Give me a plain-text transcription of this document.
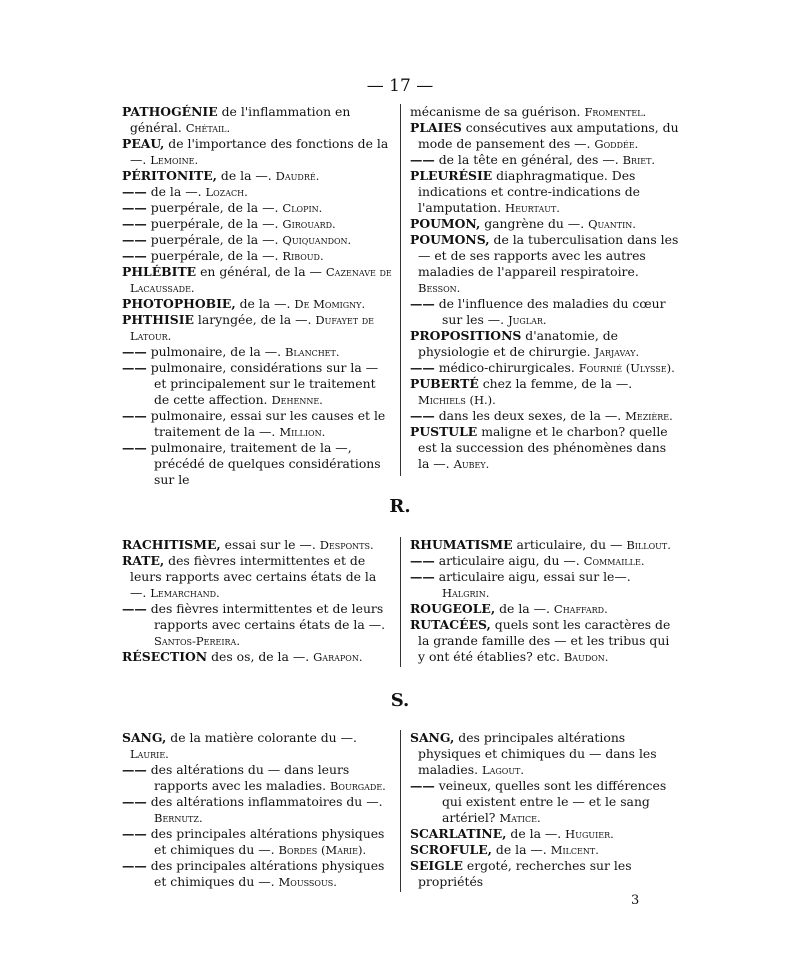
— 17 —

PATHOGÉNIE de l'inflammation en général. Chétail.

PEAU, de l'importance des fonctions de la —. Lemoine.

PÉRITONITE, de la —. Daudré.

—— de la —. Lozach.

—— puerpérale, de la —. Clopin.

—— puerpérale, de la —. Girouard.

—— puerpérale, de la —. Quiquandon.

—— puerpérale, de la —. Riboud.

PHLÉBITE en général, de la — Cazenave de Lacaussade.

PHOTOPHOBIE, de la —. De Momigny.

PHTHISIE laryngée, de la —. Dufayet de Latour.

—— pulmonaire, de la —. Blanchet.

—— pulmonaire, considérations sur la — et principalement sur le traitement de cette affection. Dehenne.

—— pulmonaire, essai sur les causes et le traitement de la —. Million.

—— pulmonaire, traitement de la —, précédé de quelques considérations sur le

mécanisme de sa guérison. Fromentel.

PLAIES consécutives aux amputations, du mode de pansement des —. Goddée.

—— de la tête en général, des —. Briet.

PLEURÉSIE diaphragmatique. Des indications et contre-indications de l'amputation. Heurtaut.

POUMON, gangrène du —. Quantin.

POUMONS, de la tuberculisation dans les — et de ses rapports avec les autres maladies de l'appareil respiratoire. Besson.

—— de l'influence des maladies du cœur sur les —. Juglar.

PROPOSITIONS d'anatomie, de physiologie et de chirurgie. Jarjavay.

—— médico-chirurgicales. Fournié (Ulysse).

PUBERTÉ chez la femme, de la —. Michiels (H.).

—— dans les deux sexes, de la —. Mezière.

PUSTULE maligne et le charbon? quelle est la succession des phénomènes dans la —. Aubey.

R.

RACHITISME, essai sur le —. Desponts.

RATE, des fièvres intermittentes et de leurs rapports avec certains états de la —. Lemarchand.

—— des fièvres intermittentes et de leurs rapports avec certains états de la —. Santos-Pereira.

RÉSECTION des os, de la —. Garapon.

RHUMATISME articulaire, du — Billout.

—— articulaire aigu, du —. Commaille.

—— articulaire aigu, essai sur le—. Halgrin.

ROUGEOLE, de la —. Chaffard.

RUTACÉES, quels sont les caractères de la grande famille des — et les tribus qui y ont été établies? etc. Baudon.

S.

SANG, de la matière colorante du —. Laurie.

—— des altérations du — dans leurs rapports avec les maladies. Bourgade.

—— des altérations inflammatoires du —. Bernutz.

—— des principales altérations physiques et chimiques du —. Bordes (Marie).

—— des principales altérations physiques et chimiques du —. Moussous.

SANG, des principales altérations physiques et chimiques du — dans les maladies. Lagout.

—— veineux, quelles sont les différences qui existent entre le — et le sang artériel? Matice.

SCARLATINE, de la —. Huguier.

SCROFULE, de la —. Milcent.

SEIGLE ergoté, recherches sur les propriétés

3
